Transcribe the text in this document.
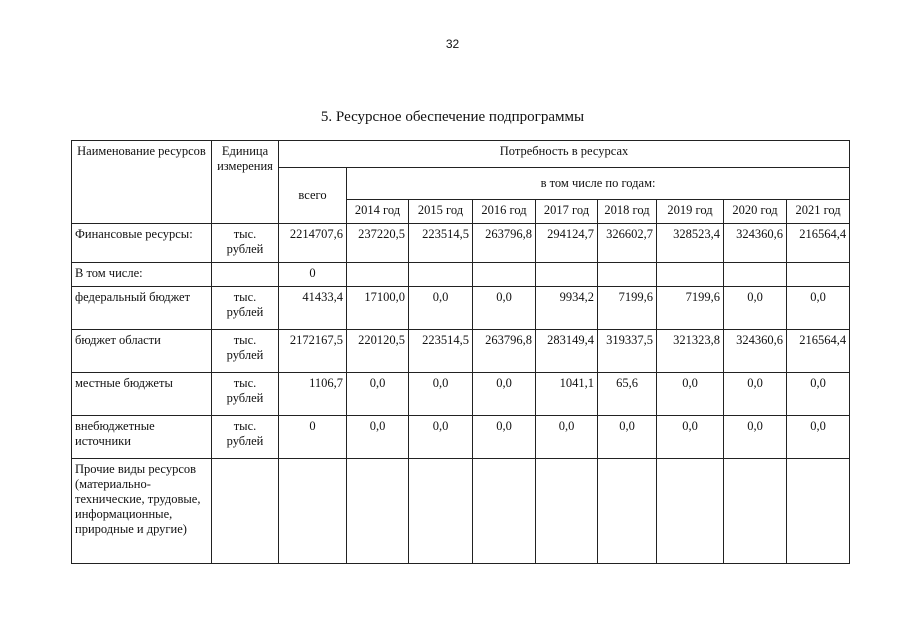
32
5. Ресурсное обеспечение подпрограммы
Наименование ресурсов	Единица измерения	Потребность в ресурсах								
		всего	в том числе по годам:							
			2014 год	2015 год	2016 год	2017 год	2018 год	2019 год	2020 год	2021 год
Финансовые ресурсы:	тыс. рублей	2214707,6	237220,5	223514,5	263796,8	294124,7	326602,7	328523,4	324360,6	216564,4
В том числе:		0								
федеральный бюджет	тыс. рублей	41433,4	17100,0	0,0	0,0	9934,2	7199,6	7199,6	0,0	0,0
бюджет области	тыс. рублей	2172167,5	220120,5	223514,5	263796,8	283149,4	319337,5	321323,8	324360,6	216564,4
местные бюджеты	тыс. рублей	1106,7	0,0	0,0	0,0	1041,1	65,6	0,0	0,0	0,0
внебюджетные источники	тыс. рублей	0	0,0	0,0	0,0	0,0	0,0	0,0	0,0	0,0
Прочие виды ресурсов (материально-технические, трудовые, информационные, природные и другие)										
